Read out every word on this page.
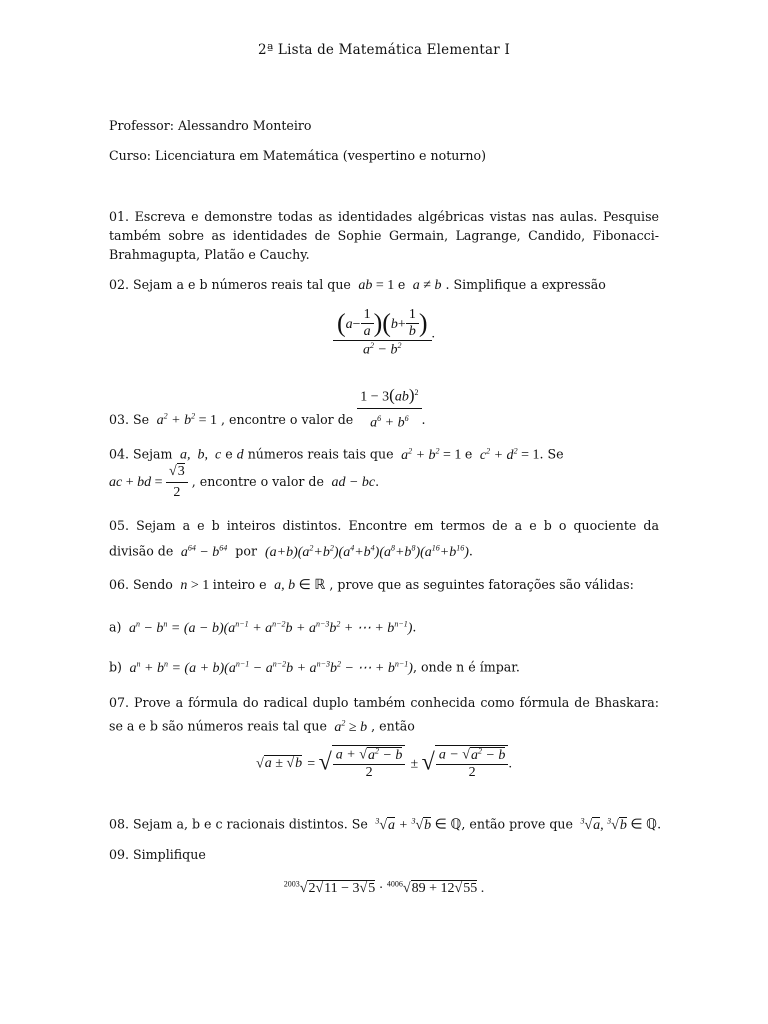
2ª Lista de Matemática Elementar I
Professor: Alessandro Monteiro
Curso: Licenciatura em Matemática (vespertino e noturno)
01. Escreva e demonstre todas as identidades algébricas vistas nas aulas. Pesquise
também sobre as identidades de Sophie Germain, Lagrange, Candido, Fibonacci-
Brahmagupta, Platão e Cauchy.
02. Sejam a e b números reais tal que  ab = 1 e  a ≠ b . Simplifique a expressão
$\frac{(a- \frac{1}{a} )(b+ \frac{1}{b} )}{a^2 - b^2}$ .
03. Se  $a^2 + b^2 = 1$ , encontre o valor de $\frac{1 - 3(ab)^2}{a^6 + b^6}$ .
04. Sejam  a,  b,  c e d números reais tais que  $a^2 + b^2 = 1$ e  $c^2 + d^2 = 1$. Se
ac + bd = $\frac{√3}{2}$ , encontre o valor de  ad − bc.
05. Sejam a e b inteiros distintos. Encontre em termos de a e b o quociente da
divisão de  $a^{64} - b^{64}$ por $(a+b)(a^2+b^2)(a^4+b^4)(a^8+b^8)(a^{16}+b^{16})$.
06. Sendo  n > 1 inteiro e  a, b ∈ ℝ , prove que as seguintes fatorações são válidas:
a)  $a^n - b^n = (a - b)(a^{n-1} + a^{n-2}b + a^{n-3}b^2$ + ⋯ + $b^{n-1}$).
b)  $a^n + b^n = (a + b)(a^{n-1} - a^{n-2}b + a^{n-3}b^2$ − ⋯ + $b^{n-1}$), onde n é ímpar.
07. Prove a fórmula do radical duplo também conhecida como fórmula de Bhaskara:
se a e b são números reais tal que  $a^2 \ge b$ , então
√a ± √b = √ $\frac{a + √a^2 - b}{2}$ ± √ $\frac{a - √a^2 - b}{2}$ .
08. Sejam a, b e c racionais distintos. Se $^3$√a + $^3$√b ∈ ℚ, então prove que $^3$√a, $^3$√b ∈ ℚ.
09. Simplifique
$^{2003}$√2√11 − 3√5 · $^{4006}$√89 + 12√55 .
